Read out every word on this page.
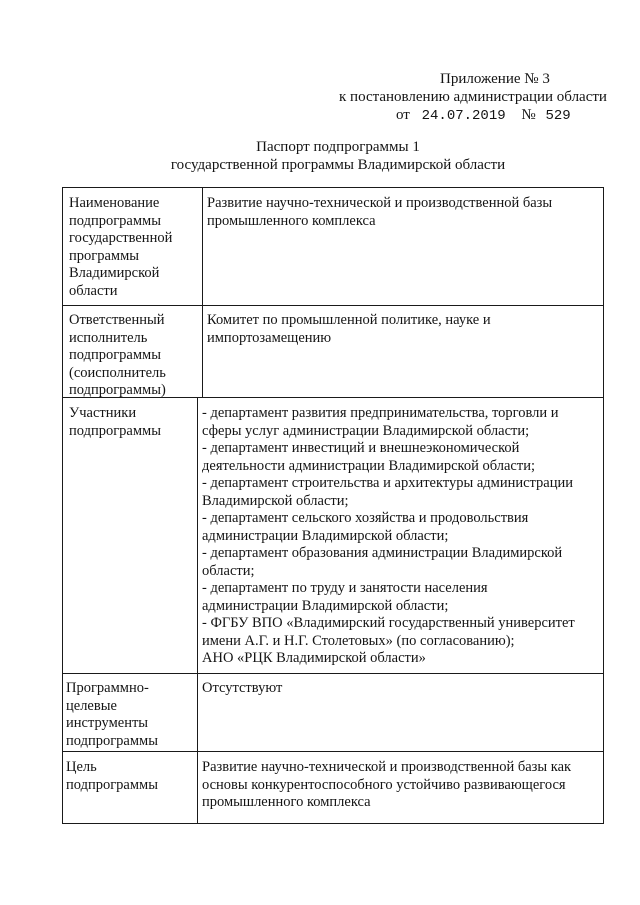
Приложение № 3
к постановлению администрации области
от 24.07.2019 № 529
Паспорт подпрограммы 1
государственной программы Владимирской области
Наименование
подпрограммы
государственной
программы
Владимирской
области
Развитие научно-технической и производственной базы
промышленного комплекса
Ответственный
исполнитель
подпрограммы
(соисполнитель
подпрограммы)
Комитет по промышленной политике, науке и
импортозамещению
Участники
подпрограммы
- департамент развития предпринимательства, торговли и
сферы услуг администрации Владимирской области;
- департамент инвестиций и внешнеэкономической
деятельности администрации Владимирской области;
- департамент строительства и архитектуры администрации
Владимирской области;
- департамент сельского хозяйства и продовольствия
администрации Владимирской области;
- департамент образования администрации Владимирской
области;
- департамент по труду и занятости населения
администрации Владимирской области;
- ФГБУ ВПО «Владимирский государственный университет
имени А.Г. и Н.Г. Столетовых» (по согласованию);
АНО «РЦК Владимирской области»
Программно-
целевые
инструменты
подпрограммы
Отсутствуют
Цель
подпрограммы
Развитие научно-технической и производственной базы как
основы конкурентоспособного устойчиво развивающегося
промышленного комплекса
